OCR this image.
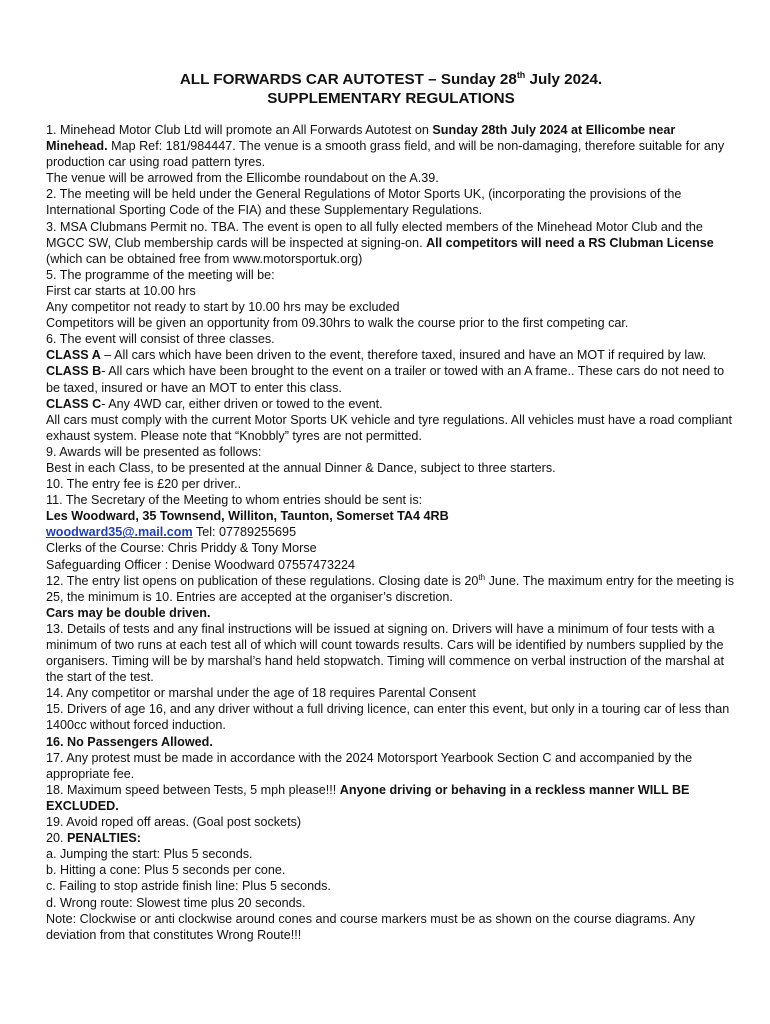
ALL FORWARDS CAR AUTOTEST – Sunday 28th July 2024.
SUPPLEMENTARY REGULATIONS

1. Minehead Motor Club Ltd will promote an All Forwards Autotest on Sunday 28th July 2024 at Ellicombe near Minehead. Map Ref: 181/984447. The venue is a smooth grass field, and will be non-damaging, therefore suitable for any production car using road pattern tyres.

The venue will be arrowed from the Ellicombe roundabout on the A.39.

2. The meeting will be held under the General Regulations of Motor Sports UK, (incorporating the provisions of the International Sporting Code of the FIA) and these Supplementary Regulations.

3. MSA Clubmans Permit no. TBA. The event is open to all fully elected members of the Minehead Motor Club and the MGCC SW, Club membership cards will be inspected at signing-on. All competitors will need a RS Clubman License (which can be obtained free from www.motorsportuk.org)

5. The programme of the meeting will be:

First car starts at 10.00 hrs

Any competitor not ready to start by 10.00 hrs may be excluded

Competitors will be given an opportunity from 09.30hrs to walk the course prior to the first competing car.

6. The event will consist of three classes.

CLASS A – All cars which have been driven to the event, therefore taxed, insured and have an MOT if required by law.

CLASS B- All cars which have been brought to the event on a trailer or towed with an A frame.. These cars do not need to be taxed, insured or have an MOT to enter this class.

CLASS C- Any 4WD car, either driven or towed to the event.

All cars must comply with the current Motor Sports UK vehicle and tyre regulations. All vehicles must have a road compliant exhaust system. Please note that “Knobbly” tyres are not permitted.

9. Awards will be presented as follows:

Best in each Class, to be presented at the annual Dinner & Dance, subject to three starters.

10. The entry fee is £20 per driver..

11. The Secretary of the Meeting to whom entries should be sent is:

Les Woodward, 35 Townsend, Williton, Taunton, Somerset TA4 4RB

woodward35@.mail.com Tel: 07789255695

Clerks of the Course: Chris Priddy & Tony Morse

Safeguarding Officer : Denise Woodward 07557473224

12. The entry list opens on publication of these regulations. Closing date is 20th June. The maximum entry for the meeting is 25, the minimum is 10. Entries are accepted at the organiser’s discretion.

Cars may be double driven.

13. Details of tests and any final instructions will be issued at signing on. Drivers will have a minimum of four tests with a minimum of two runs at each test all of which will count towards results. Cars will be identified by numbers supplied by the organisers. Timing will be by marshal’s hand held stopwatch. Timing will commence on verbal instruction of the marshal at the start of the test.

14. Any competitor or marshal under the age of 18 requires Parental Consent

15. Drivers of age 16, and any driver without a full driving licence, can enter this event, but only in a touring car of less than 1400cc without forced induction.

16. No Passengers Allowed.

17. Any protest must be made in accordance with the 2024 Motorsport Yearbook Section C and accompanied by the appropriate fee.

18. Maximum speed between Tests, 5 mph please!!! Anyone driving or behaving in a reckless manner WILL BE EXCLUDED.

19. Avoid roped off areas. (Goal post sockets)

20. PENALTIES:

a. Jumping the start: Plus 5 seconds.

b. Hitting a cone: Plus 5 seconds per cone.

c. Failing to stop astride finish line: Plus 5 seconds.

d. Wrong route: Slowest time plus 20 seconds.

Note: Clockwise or anti clockwise around cones and course markers must be as shown on the course diagrams. Any deviation from that constitutes Wrong Route!!!
